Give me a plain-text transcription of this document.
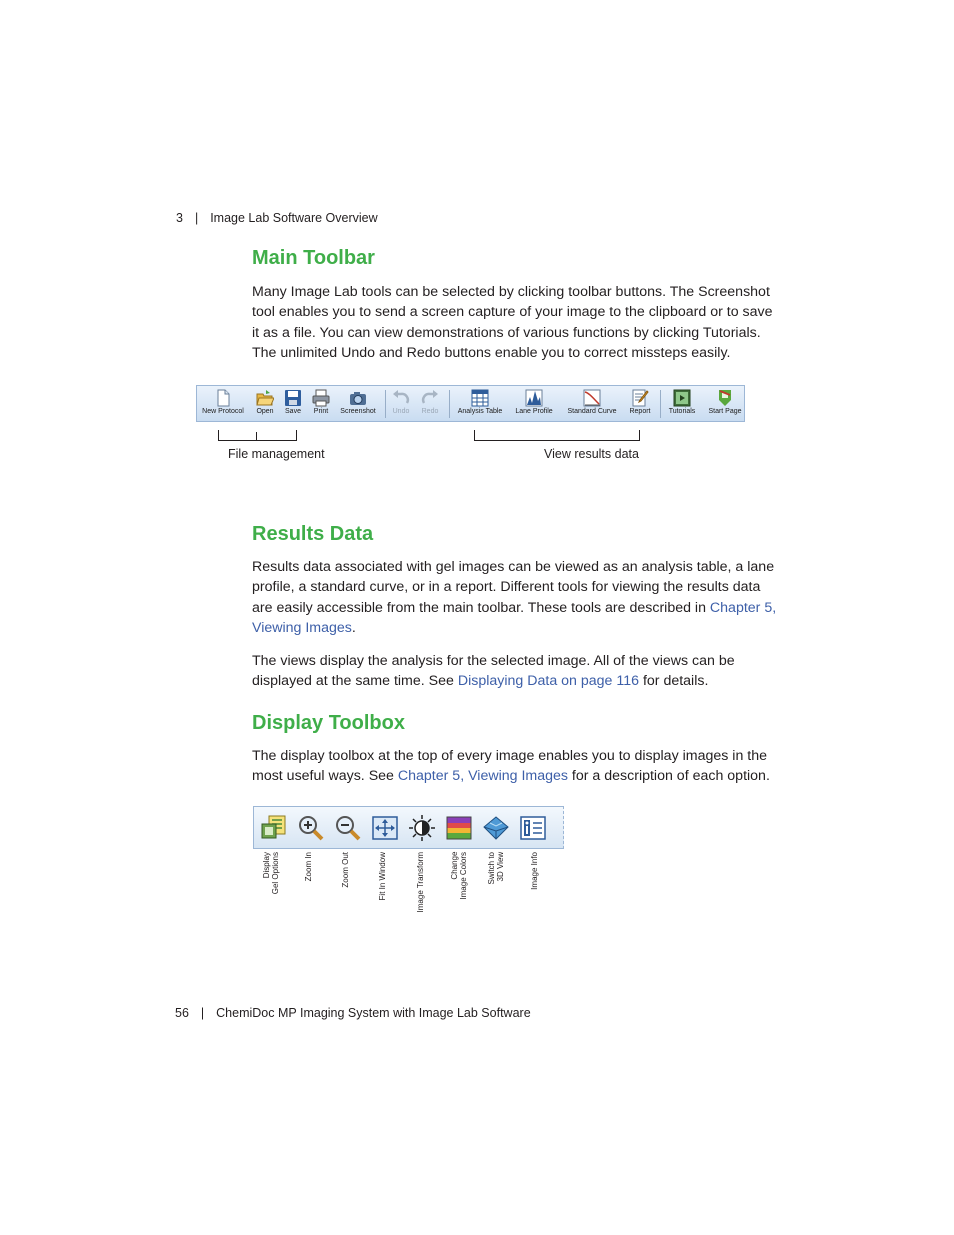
3 | Image Lab Software Overview
Main Toolbar

Many Image Lab tools can be selected by clicking toolbar buttons. The Screenshot tool enables you to send a screen capture of your image to the clipboard or to save it as a file. You can view demonstrations of various functions by clicking Tutorials. The unlimited Undo and Redo buttons enable you to correct missteps easily.

New Protocol	Open	Save	Print	Screenshot	Undo	Redo	Analysis Table	Lane Profile	Standard Curve	Report	Tutorials	Start Page
File management	View results data
Results Data

Results data associated with gel images can be viewed as an analysis table, a lane profile, a standard curve, or in a report. Different tools for viewing the results data are easily accessible from the main toolbar. These tools are described in Chapter 5, Viewing Images.

The views display the analysis for the selected image. All of the views can be displayed at the same time. See Displaying Data on page 116 for details.

Display Toolbox

The display toolbox at the top of every image enables you to display images in the most useful ways. See Chapter 5, Viewing Images for a description of each option.

Display
Gel Options	Zoom In	Zoom Out	Fit In Window	Image Transform	Change
Image Colors Switch to
3D View	Image Info
56 | ChemiDoc MP Imaging System with Image Lab Software
